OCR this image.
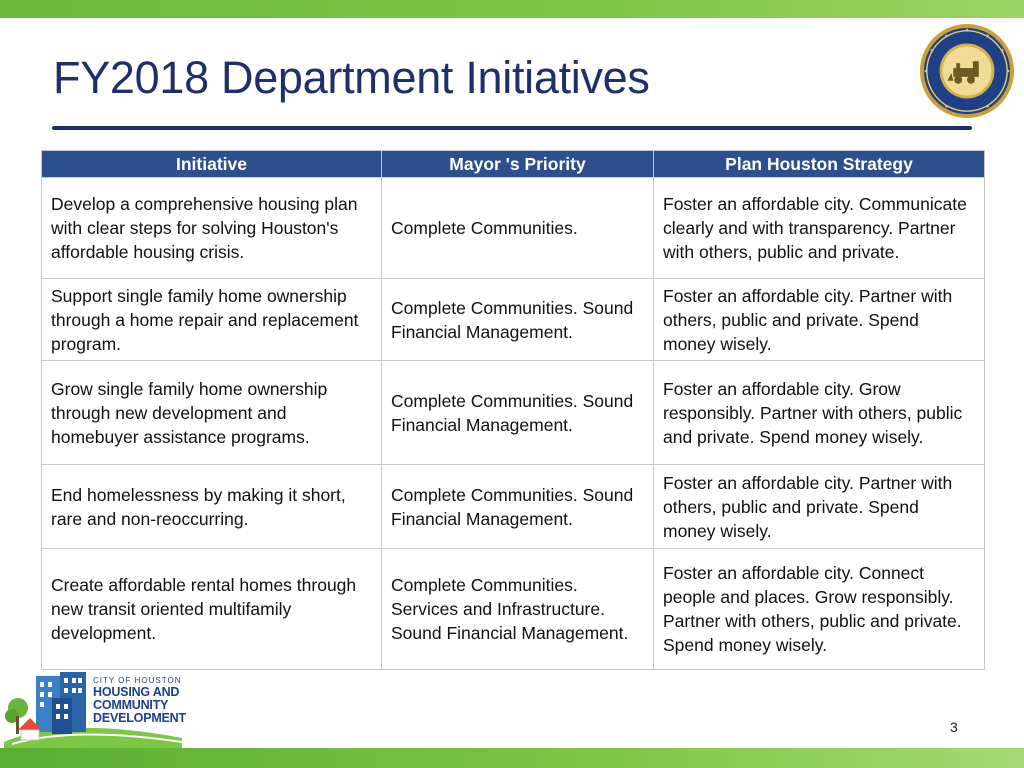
FY2018 Department Initiatives
Initiative	Mayor 's Priority	Plan Houston Strategy
Develop a comprehensive housing plan with clear steps for solving Houston's affordable housing crisis.	Complete Communities.	Foster an affordable city. Communicate clearly and with transparency. Partner with others, public and private.
Support single family home ownership through a home repair and replacement program.	Complete Communities. Sound Financial Management.	Foster an affordable city. Partner with others, public and private. Spend money wisely.
Grow single family home ownership through new development and homebuyer assistance programs.	Complete Communities. Sound Financial Management.	Foster an affordable city. Grow responsibly. Partner with others, public and private. Spend money wisely.
End homelessness by making it short, rare and non-reoccurring.	Complete Communities. Sound Financial Management.	Foster an affordable city. Partner with others, public and private. Spend money wisely.
Create affordable rental homes through new transit oriented multifamily development.	Complete Communities. Services and Infrastructure. Sound Financial Management.	Foster an affordable city. Connect people and places. Grow responsibly. Partner with others, public and private. Spend money wisely.
CITY OF HOUSTON
HOUSING AND
COMMUNITY
DEVELOPMENT
3
